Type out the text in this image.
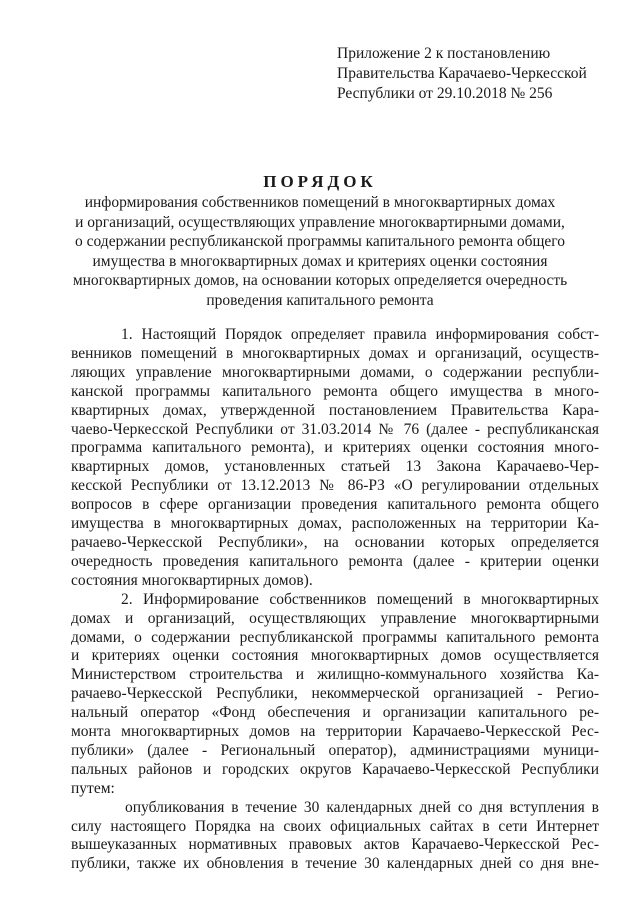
Приложение 2 к постановлению
Правительства Карачаево-Черкесской
Республики от 29.10.2018 № 256
ПОРЯДОК
информирования собственников помещений в многоквартирных домах
и организаций, осуществляющих управление многоквартирными домами,
о содержании республиканской программы капитального ремонта общего
имущества в многоквартирных домах и критериях оценки состояния
многоквартирных домов, на основании которых определяется очередность
проведения капитального ремонта
1. Настоящий Порядок определяет правила информирования собст-
венников помещений в многоквартирных домах и организаций, осуществ-
ляющих управление многоквартирными домами, о содержании республи-
канской программы капитального ремонта общего имущества в много-
квартирных домах, утвержденной постановлением Правительства Кара-
чаево-Черкесской Республики от 31.03.2014 № 76 (далее - республиканская
программа капитального ремонта), и критериях оценки состояния много-
квартирных домов, установленных статьей 13 Закона Карачаево-Чер-
кесской Республики от 13.12.2013 № 86-РЗ «О регулировании отдельных
вопросов в сфере организации проведения капитального ремонта общего
имущества в многоквартирных домах, расположенных на территории Ка-
рачаево-Черкесской Республики», на основании которых определяется
очередность проведения капитального ремонта (далее - критерии оценки
состояния многоквартирных домов).
2. Информирование собственников помещений в многоквартирных
домах и организаций, осуществляющих управление многоквартирными
домами, о содержании республиканской программы капитального ремонта
и критериях оценки состояния многоквартирных домов осуществляется
Министерством строительства и жилищно-коммунального хозяйства Ка-
рачаево-Черкесской Республики, некоммерческой организацией - Регио-
нальный оператор «Фонд обеспечения и организации капитального ре-
монта многоквартирных домов на территории Карачаево-Черкесской Рес-
публики» (далее - Региональный оператор), администрациями муници-
пальных районов и городских округов Карачаево-Черкесской Республики
путем:
опубликования в течение 30 календарных дней со дня вступления в
силу настоящего Порядка на своих официальных сайтах в сети Интернет
вышеуказанных нормативных правовых актов Карачаево-Черкесской Рес-
публики, также их обновления в течение 30 календарных дней со дня вне-
